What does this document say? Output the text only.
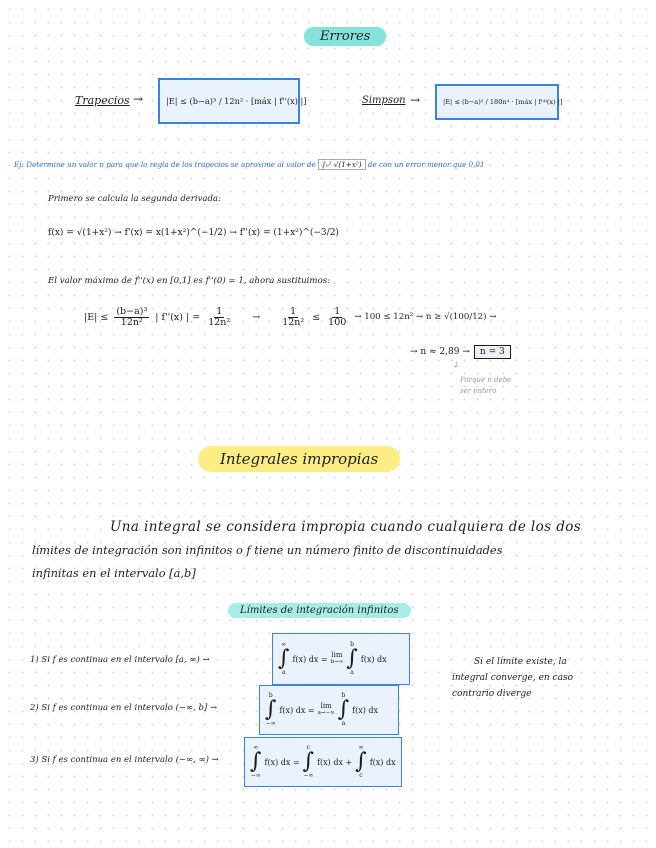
Errores
Trapecios →	|E| ≤ (b−a)³ / 12n² · [máx | f''(x) |]	Simpson →	|E| ≤ (b−a)⁵ / 180n⁴ · [máx | f⁽⁴⁾(x) |]
Ej: Determine un valor n para que la regla de los trapecios se aproxime al valor de ∫₀¹ √(1+x²) de con un error menor que 0,01
Primero se calcula la segunda derivada:
f(x) = √(1+x²) → f'(x) = x(1+x²)^(−1/2) → f''(x) = (1+x²)^(−3/2)
El valor máximo de f''(x) en [0,1] es f''(0) = 1, ahora sustituimos:
$|E| \le \frac{\text{(b−a)³}}{\text{12n²}}$ | f''(x) | = $\frac{1}{\text{12n²}} \to \frac{1}{\text{12n²}} \le \frac{1}{100} \to 100 \le 12n^2 \to n \ge √(100/12)$ →
→ n ≈ 2,89 →	n = 3
↲
Porque n debe
ser entero
Integrales impropias
Una integral se considera impropia cuando cualquiera de los dos
límites de integración son infinitos o f tiene un número finito de discontinuidades
infinitas en el intervalo [a,b]
Límites de integración infinitos
1) Si f es continua en el intervalo [a, ∞) →
∞
∫
a
f(x) dx = lim
b→∞
b
∫
a
f(x) dx	Si el límite existe, la
integral converge, en caso
contrario diverge
2) Si f es continua en el intervalo (−∞, b] →
b
∫
−∞
f(x) dx = lim
a→−∞
b
∫
a
f(x) dx
3) Si f es continua en el intervalo (−∞, ∞) →
∞
∫
−∞
f(x) dx =
c
∫
−∞
f(x) dx +
∞
∫
c
f(x) dx
